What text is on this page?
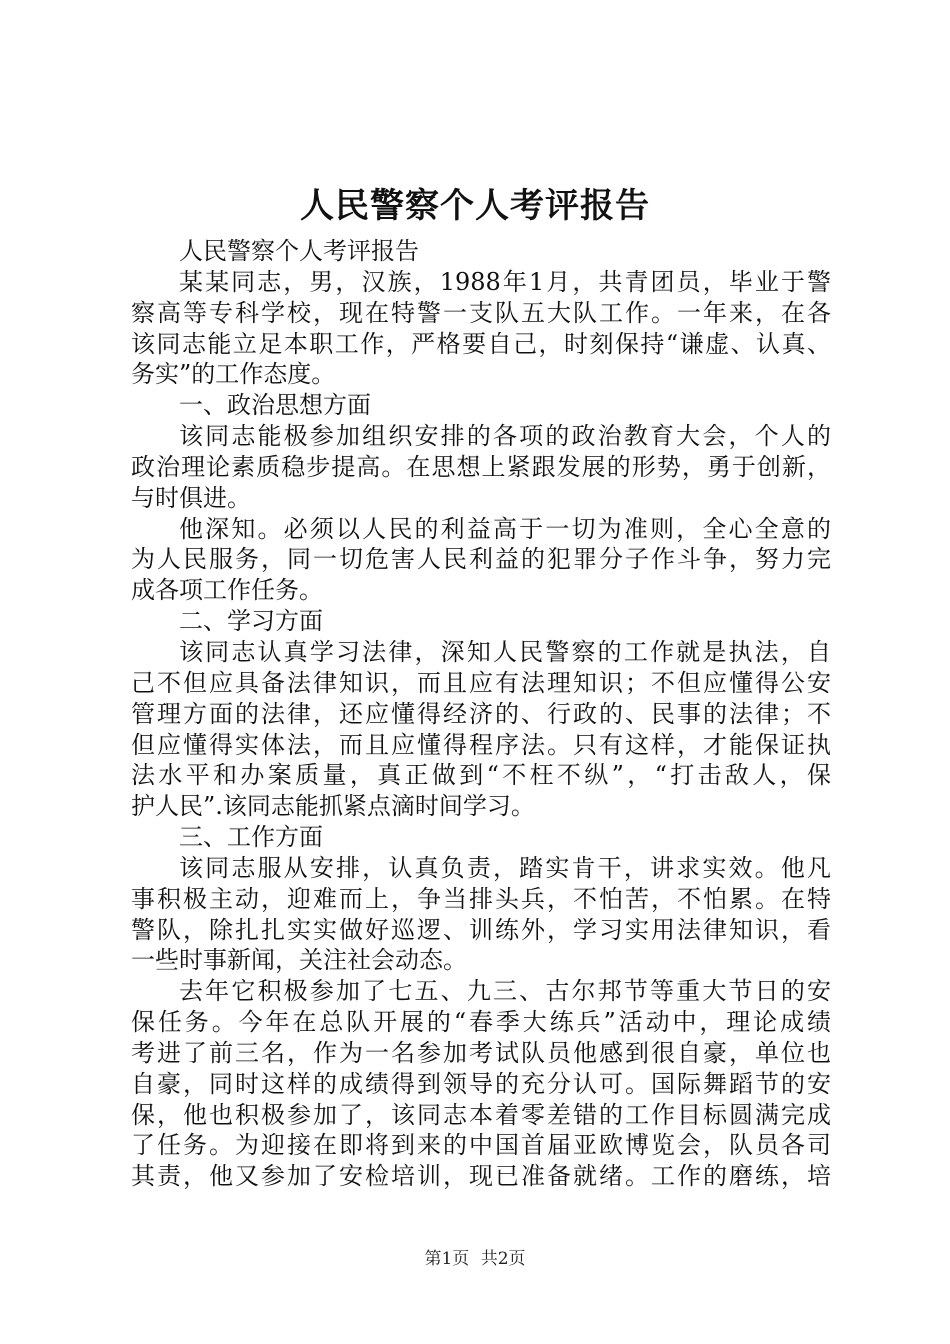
人民警察个人考评报告
人民警察个人考评报告
某某同志，男，汉族，1988年1月，共青团员，毕业于警
察高等专科学校，现在特警一支队五大队工作。一年来，在各
该同志能立足本职工作，严格要自己，时刻保持“谦虚、认真、
务实”的工作态度。
一、政治思想方面
该同志能极参加组织安排的各项的政治教育大会，个人的
政治理论素质稳步提高。在思想上紧跟发展的形势，勇于创新，
与时俱进。
他深知。必须以人民的利益高于一切为准则，全心全意的
为人民服务，同一切危害人民利益的犯罪分子作斗争，努力完
成各项工作任务。
二、学习方面
该同志认真学习法律，深知人民警察的工作就是执法，自
己不但应具备法律知识，而且应有法理知识；不但应懂得公安
管理方面的法律，还应懂得经济的、行政的、民事的法律；不
但应懂得实体法，而且应懂得程序法。只有这样，才能保证执
法水平和办案质量，真正做到“不枉不纵”，“打击敌人，保
护人民”.该同志能抓紧点滴时间学习。
三、工作方面
该同志服从安排，认真负责，踏实肯干，讲求实效。他凡
事积极主动，迎难而上，争当排头兵，不怕苦，不怕累。在特
警队，除扎扎实实做好巡逻、训练外，学习实用法律知识，看
一些时事新闻，关注社会动态。
去年它积极参加了七五、九三、古尔邦节等重大节日的安
保任务。今年在总队开展的“春季大练兵”活动中，理论成绩
考进了前三名，作为一名参加考试队员他感到很自豪，单位也
自豪，同时这样的成绩得到领导的充分认可。国际舞蹈节的安
保，他也积极参加了，该同志本着零差错的工作目标圆满完成
了任务。为迎接在即将到来的中国首届亚欧博览会，队员各司
其责，他又参加了安检培训，现已准备就绪。工作的磨练，培
第1页 共2页
